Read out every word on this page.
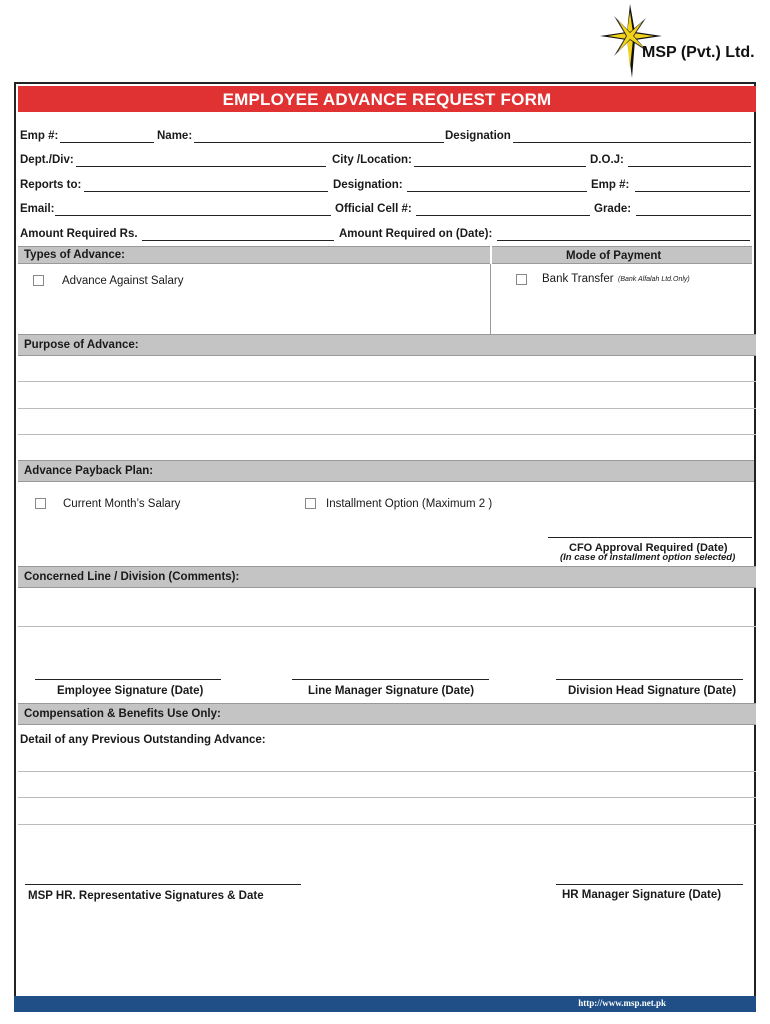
MSP (Pvt.) Ltd.
EMPLOYEE ADVANCE REQUEST FORM
Emp #:	Name:	Designation
Dept./Div:	City /Location:	D.O.J:
Reports to:	Designation:	Emp #:
Email:	Official Cell #:	Grade:
Amount Required Rs.	Amount Required on (Date):
Types of Advance:	Mode of Payment
Advance Against Salary	Bank Transfer (Bank Alfalah Ltd.Only)
Purpose of Advance:
Advance Payback Plan:
Current Month’s Salary	Installment Option (Maximum 2 )
CFO Approval Required (Date)
(In case of installment option selected)
Concerned Line / Division (Comments):
Employee Signature (Date)	Line Manager Signature (Date)	Division Head Signature (Date)
Compensation & Benefits Use Only:
Detail of any Previous Outstanding Advance:
MSP HR. Representative Signatures & Date	HR Manager Signature (Date)
http://www.msp.net.pk
